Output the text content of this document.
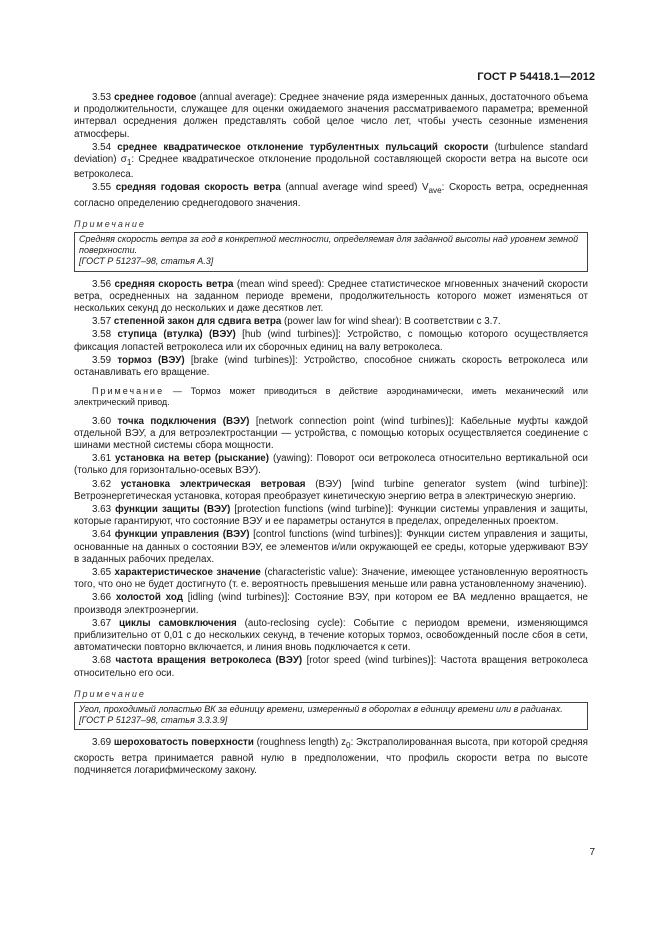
ГОСТ Р 54418.1—2012

3.53 среднее годовое (annual average): Среднее значение ряда измеренных данных, достаточного объема и продолжительности, служащее для оценки ожидаемого значения рассматриваемого параметра; временной интервал осреднения должен представлять собой целое число лет, чтобы учесть сезонные изменения атмосферы.

3.54 среднее квадратическое отклонение турбулентных пульсаций скорости (turbulence standard deviation) $\sigma_1$: Среднее квадратическое отклонение продольной составляющей скорости ветра на высоте оси ветроколеса.

3.55 средняя годовая скорость ветра (annual average wind speed) $V_{ave}$: Скорость ветра, осредненная согласно определению среднегодового значения.

Примечание

Средняя скорость ветра за год в конкретной местности, определяемая для заданной высоты над уровнем земной поверхности.
[ГОСТ Р 51237–98, статья А.3]

3.56 средняя скорость ветра (mean wind speed): Среднее статистическое мгновенных значений скорости ветра, осредненных на заданном периоде времени, продолжительность которого может изменяться от нескольких секунд до нескольких и даже десятков лет.

3.57 степенной закон для сдвига ветра (power law for wind shear): В соответствии с 3.7.

3.58 ступица (втулка) (ВЭУ) [hub (wind turbines)]: Устройство, с помощью которого осуществляется фиксация лопастей ветроколеса или их сборочных единиц на валу ветроколеса.

3.59 тормоз (ВЭУ) [brake (wind turbines)]: Устройство, способное снижать скорость ветроколеса или останавливать его вращение.

Примечание — Тормоз может приводиться в действие аэродинамически, иметь механический или электрический привод.

3.60 точка подключения (ВЭУ) [network connection point (wind turbines)]: Кабельные муфты каждой отдельной ВЭУ, а для ветроэлектростанции — устройства, с помощью которых осуществляется соединение с шинами местной системы сбора мощности.

3.61 установка на ветер (рыскание) (yawing): Поворот оси ветроколеса относительно вертикальной оси (только для горизонтально-осевых ВЭУ).

3.62 установка электрическая ветровая (ВЭУ) [wind turbine generator system (wind turbine)]: Ветроэнергетическая установка, которая преобразует кинетическую энергию ветра в электрическую энергию.

3.63 функции защиты (ВЭУ) [protection functions (wind turbine)]: Функции системы управления и защиты, которые гарантируют, что состояние ВЭУ и ее параметры останутся в пределах, определенных проектом.

3.64 функции управления (ВЭУ) [control functions (wind turbines)]: Функции систем управления и защиты, основанные на данных о состоянии ВЭУ, ее элементов и/или окружающей ее среды, которые удерживают ВЭУ в заданных рабочих пределах.

3.65 характеристическое значение (characteristic value): Значение, имеющее установленную вероятность того, что оно не будет достигнуто (т. е. вероятность превышения меньше или равна установленному значению).

3.66 холостой ход [idling (wind turbines)]: Состояние ВЭУ, при котором ее ВА медленно вращается, не производя электроэнергии.

3.67 циклы самовключения (auto-reclosing cycle): Событие с периодом времени, изменяющимся приблизительно от 0,01 с до нескольких секунд, в течение которых тормоз, освобожденный после сбоя в сети, автоматически повторно включается, и линия вновь подключается к сети.

3.68 частота вращения ветроколеса (ВЭУ) [rotor speed (wind turbines)]: Частота вращения ветроколеса относительно его оси.

Примечание

Угол, проходимый лопастью ВК за единицу времени, измеренный в оборотах в единицу времени или в радианах.
[ГОСТ Р 51237–98, статья 3.3.3.9]

3.69 шероховатость поверхности (roughness length) $z_0$: Экстраполированная высота, при которой средняя скорость ветра принимается равной нулю в предположении, что профиль скорости ветра по высоте подчиняется логарифмическому закону.

7
